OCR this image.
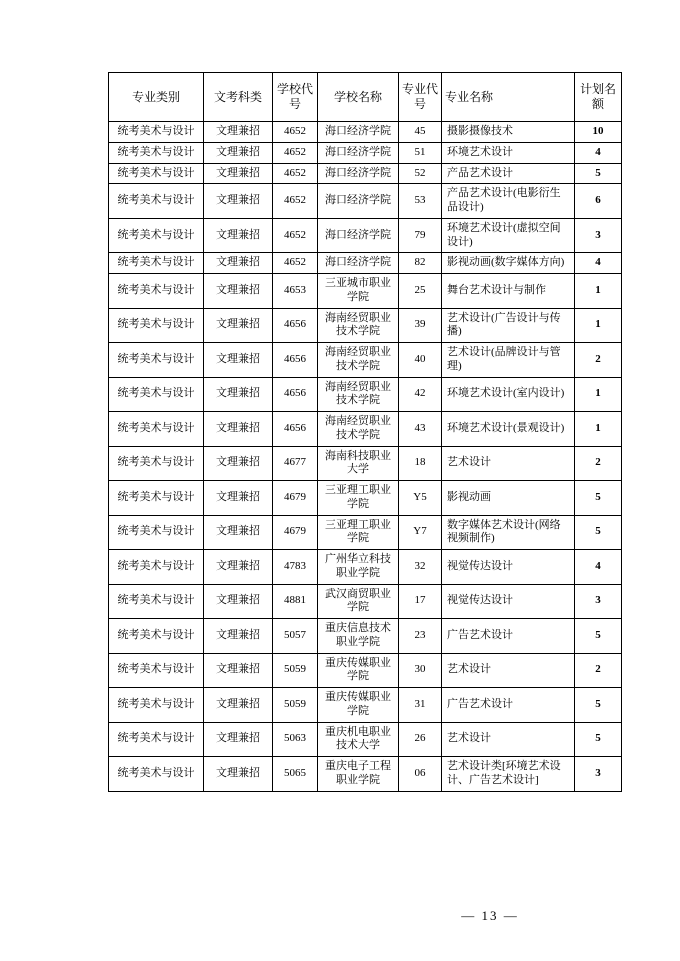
专业类别	文考科类	学校代号	学校名称	专业代号	专业名称	计划名额
统考美术与设计	文理兼招	4652	海口经济学院	45	摄影摄像技术	10
统考美术与设计	文理兼招	4652	海口经济学院	51	环境艺术设计	4
统考美术与设计	文理兼招	4652	海口经济学院	52	产品艺术设计	5
统考美术与设计	文理兼招	4652	海口经济学院	53	产品艺术设计(电影衍生品设计)	6
统考美术与设计	文理兼招	4652	海口经济学院	79	环境艺术设计(虚拟空间设计)	3
统考美术与设计	文理兼招	4652	海口经济学院	82	影视动画(数字媒体方向)	4
统考美术与设计	文理兼招	4653	三亚城市职业学院	25	舞台艺术设计与制作	1
统考美术与设计	文理兼招	4656	海南经贸职业技术学院	39	艺术设计(广告设计与传播)	1
统考美术与设计	文理兼招	4656	海南经贸职业技术学院	40	艺术设计(品牌设计与管理)	2
统考美术与设计	文理兼招	4656	海南经贸职业技术学院	42	环境艺术设计(室内设计)	1
统考美术与设计	文理兼招	4656	海南经贸职业技术学院	43	环境艺术设计(景观设计)	1
统考美术与设计	文理兼招	4677	海南科技职业大学	18	艺术设计	2
统考美术与设计	文理兼招	4679	三亚理工职业学院	Y5	影视动画	5
统考美术与设计	文理兼招	4679	三亚理工职业学院	Y7	数字媒体艺术设计(网络视频制作)	5
统考美术与设计	文理兼招	4783	广州华立科技职业学院	32	视觉传达设计	4
统考美术与设计	文理兼招	4881	武汉商贸职业学院	17	视觉传达设计	3
统考美术与设计	文理兼招	5057	重庆信息技术职业学院	23	广告艺术设计	5
统考美术与设计	文理兼招	5059	重庆传媒职业学院	30	艺术设计	2
统考美术与设计	文理兼招	5059	重庆传媒职业学院	31	广告艺术设计	5
统考美术与设计	文理兼招	5063	重庆机电职业技术大学	26	艺术设计	5
统考美术与设计	文理兼招	5065	重庆电子工程职业学院	06	艺术设计类[环境艺术设计、广告艺术设计]	3
— 13 —
